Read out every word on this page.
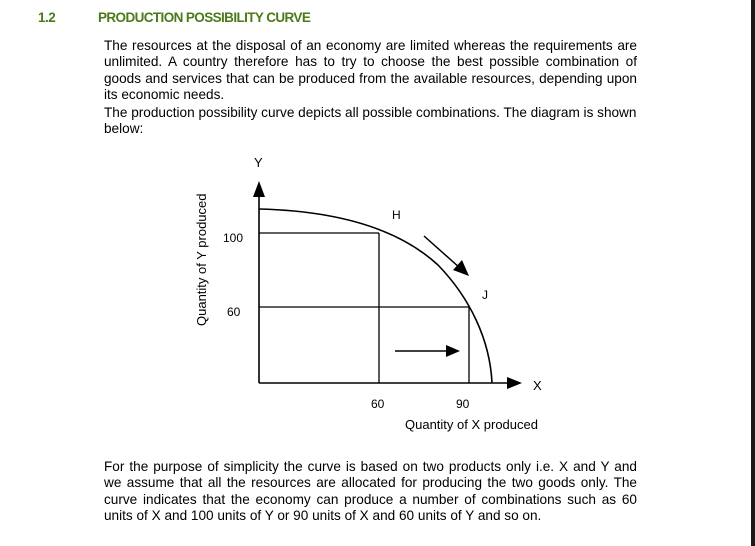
1.2	PRODUCTION POSSIBILITY CURVE

The resources at the disposal of an economy are limited whereas the requirements are unlimited. A country therefore has to try to choose the best possible combination of goods and services that can be produced from the available resources, depending upon its economic needs.

The production possibility curve depicts all possible combinations. The diagram is shown below:

Y
X
H
J
100
60
60	90
Quantity of X produced
Quantity of Y produced

For the purpose of simplicity the curve is based on two products only i.e. X and Y and we assume that all the resources are allocated for producing the two goods only. The curve indicates that the economy can produce a number of combinations such as 60 units of X and 100 units of Y or 90 units of X and 60 units of Y and so on.
